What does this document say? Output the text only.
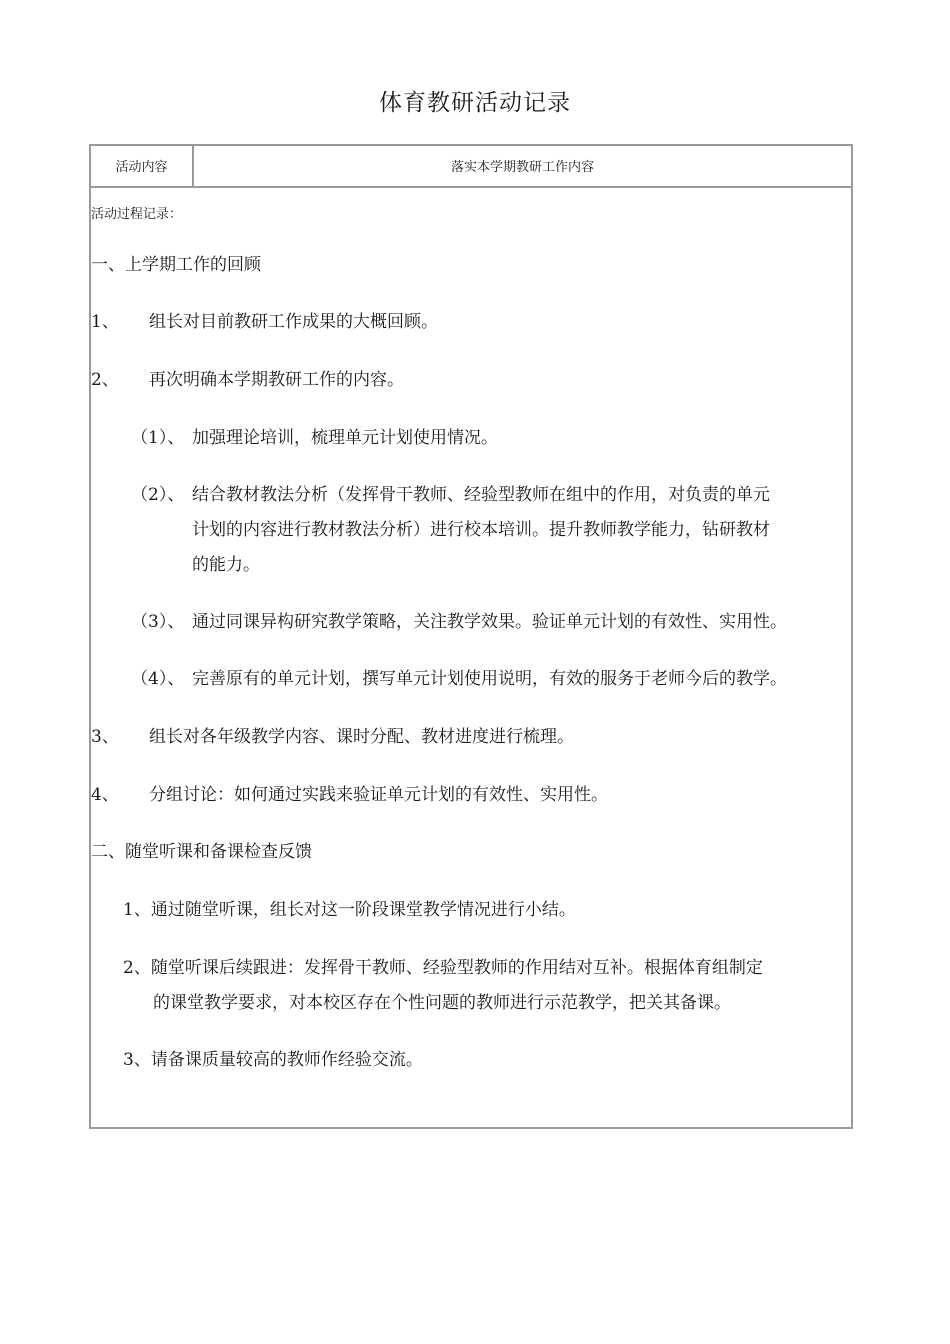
体育教研活动记录
活动内容	落实本学期教研工作内容
活动过程记录：
一、上学期工作的回顾
1、 组长对目前教研工作成果的大概回顾。
2、 再次明确本学期教研工作的内容。
（1）、 加强理论培训，梳理单元计划使用情况。
（2）、 结合教材教法分析（发挥骨干教师、经验型教师在组中的作用，对负责的单元
计划的内容进行教材教法分析）进行校本培训。提升教师教学能力，钻研教材
的能力。
（3）、 通过同课异构研究教学策略，关注教学效果。验证单元计划的有效性、实用性。
（4）、 完善原有的单元计划，撰写单元计划使用说明，有效的服务于老师今后的教学。
3、 组长对各年级教学内容、课时分配、教材进度进行梳理。
4、 分组讨论：如何通过实践来验证单元计划的有效性、实用性。
二、随堂听课和备课检查反馈
1、通过随堂听课，组长对这一阶段课堂教学情况进行小结。
2、随堂听课后续跟进：发挥骨干教师、经验型教师的作用结对互补。根据体育组制定
的课堂教学要求，对本校区存在个性问题的教师进行示范教学，把关其备课。
3、请备课质量较高的教师作经验交流。
